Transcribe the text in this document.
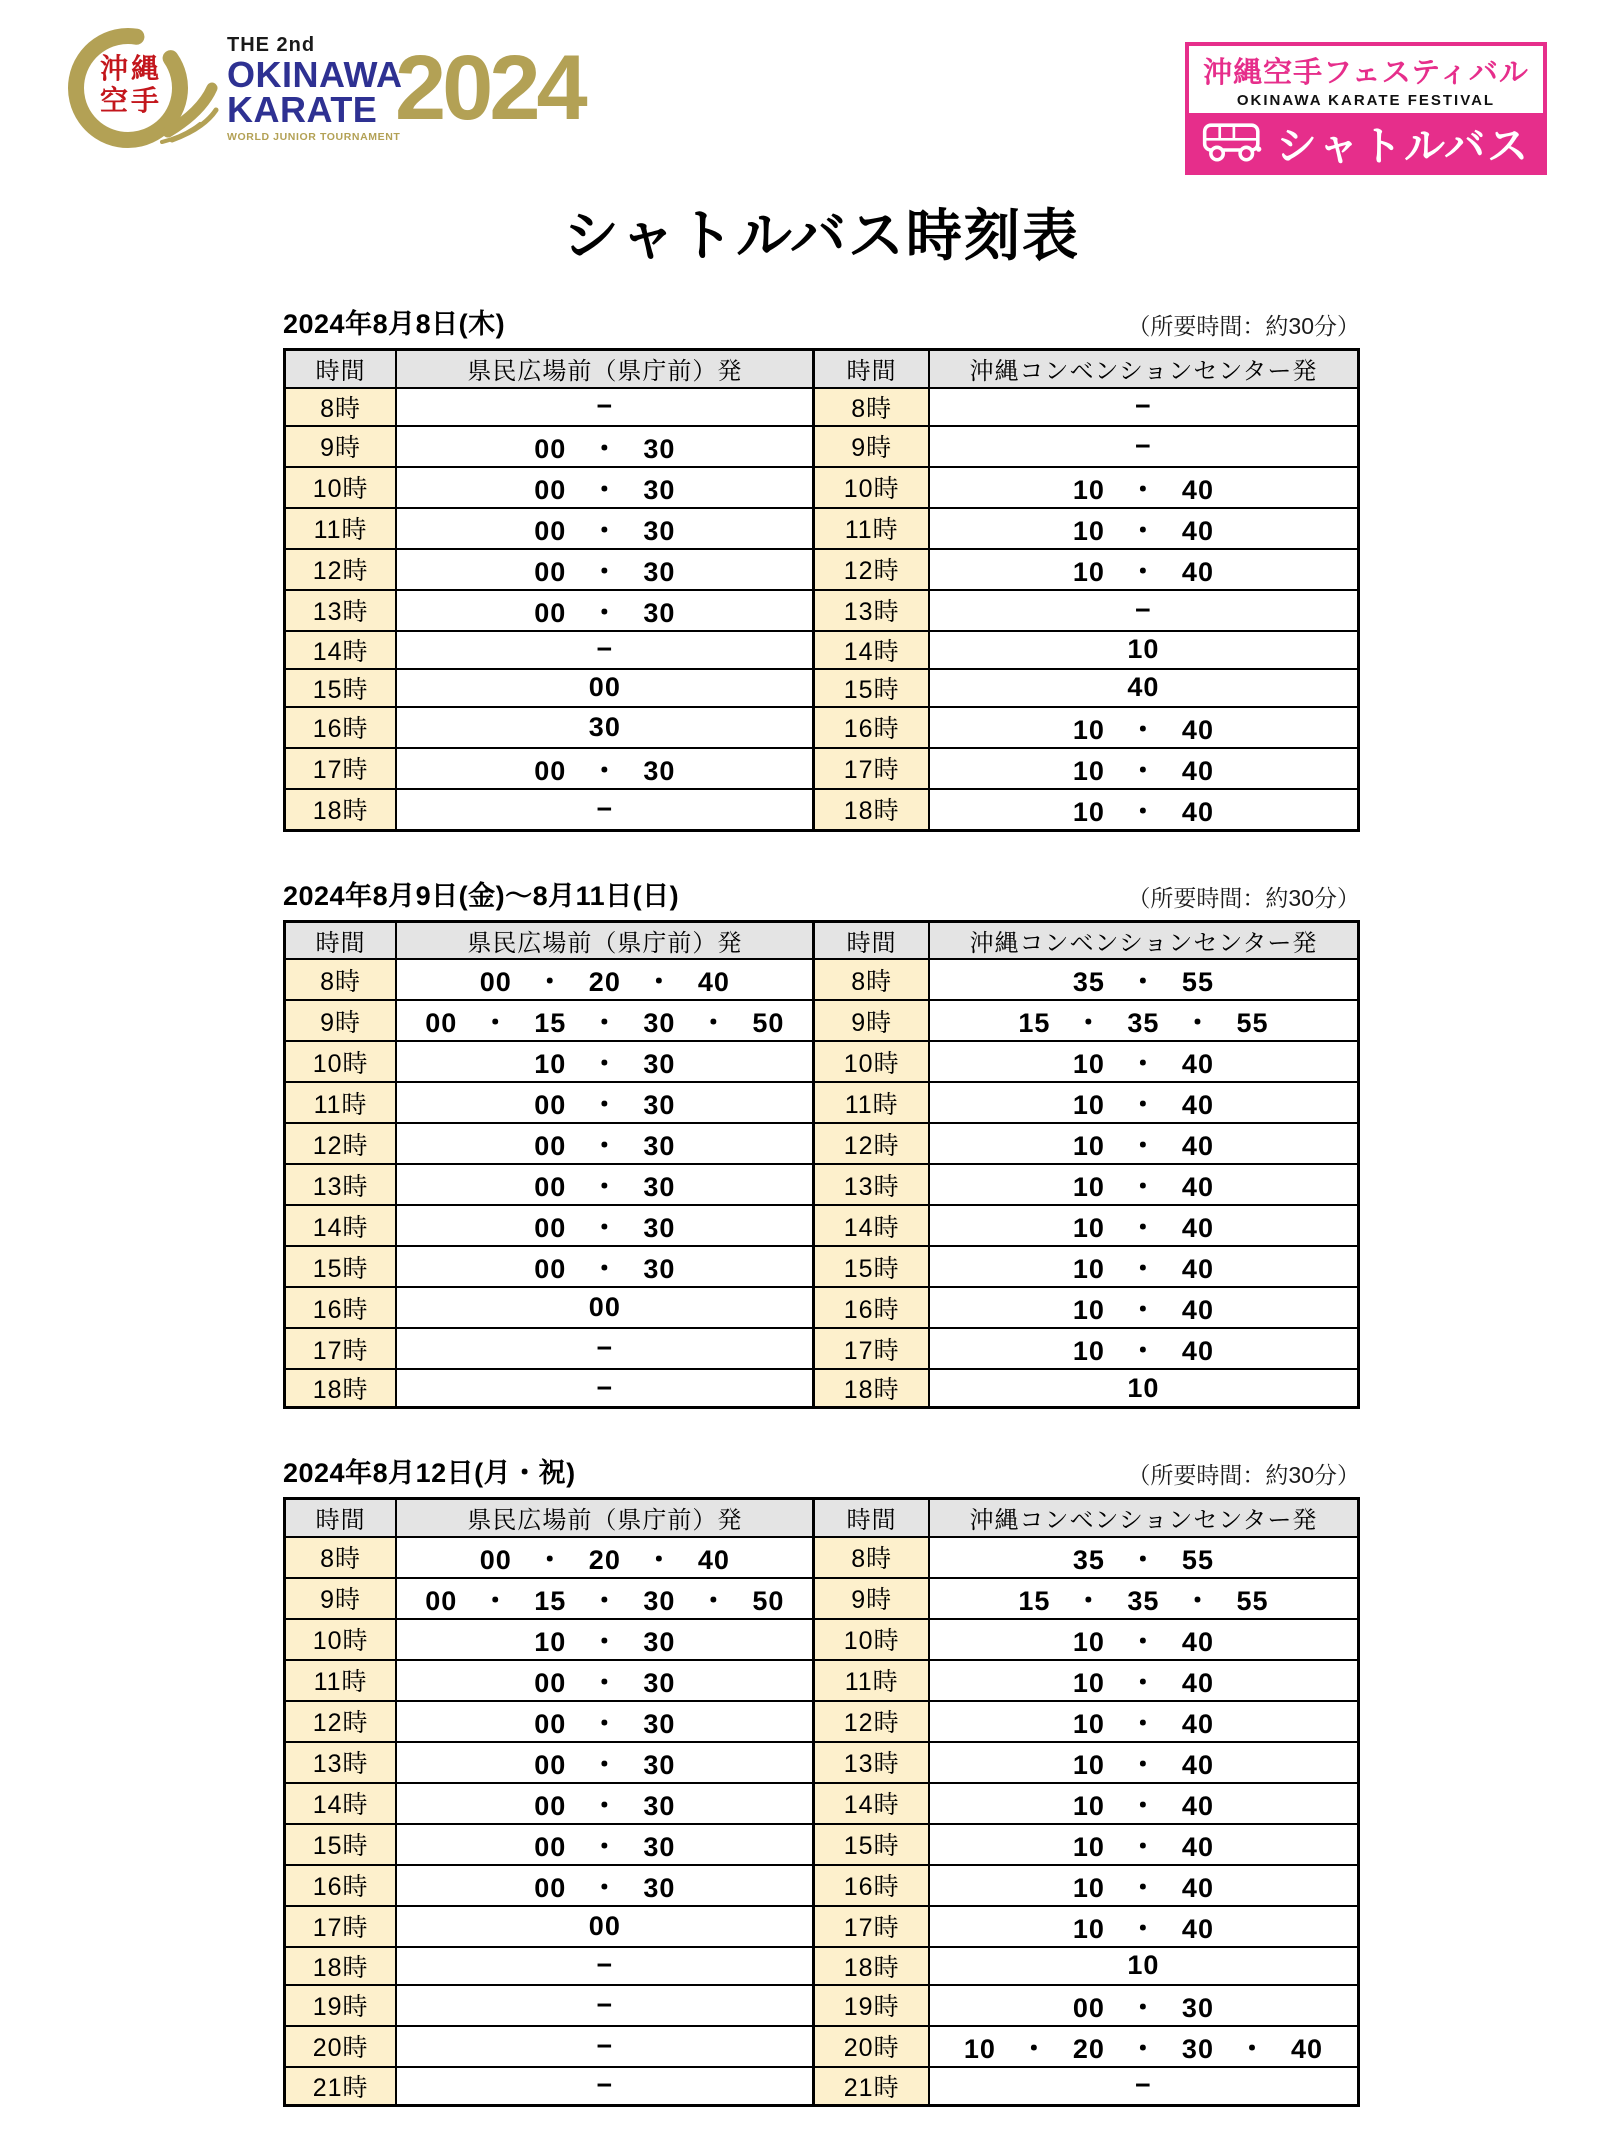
沖縄
空手
THE 2nd
OKINAWA
KARATE
WORLD JUNIOR TOURNAMENT
2024	沖縄空手フェスティバル
OKINAWA KARATE FESTIVAL
シャトルバス
シャトルバス時刻表
2024年8月8日(木)	（所要時間：約30分）
時間	県民広場前（県庁前）発	時間	沖縄コンベンションセンター発
8時	−	8時	−
9時	00 ・ 30	9時	−
10時	00 ・ 30	10時	10 ・ 40
11時	00 ・ 30	11時	10 ・ 40
12時	00 ・ 30	12時	10 ・ 40
13時	00 ・ 30	13時	−
14時	−	14時	10
15時	00	15時	40
16時	30	16時	10 ・ 40
17時	00 ・ 30	17時	10 ・ 40
18時	−	18時	10 ・ 40
2024年8月9日(金)～8月11日(日)	（所要時間：約30分）
時間	県民広場前（県庁前）発	時間	沖縄コンベンションセンター発
8時	00 ・ 20 ・ 40	8時	35 ・ 55
9時	00 ・ 15 ・ 30 ・ 50	9時	15 ・ 35 ・ 55
10時	10 ・ 30	10時	10 ・ 40
11時	00 ・ 30	11時	10 ・ 40
12時	00 ・ 30	12時	10 ・ 40
13時	00 ・ 30	13時	10 ・ 40
14時	00 ・ 30	14時	10 ・ 40
15時	00 ・ 30	15時	10 ・ 40
16時	00	16時	10 ・ 40
17時	−	17時	10 ・ 40
18時	−	18時	10
2024年8月12日(月・祝)	（所要時間：約30分）
時間	県民広場前（県庁前）発	時間	沖縄コンベンションセンター発
8時	00 ・ 20 ・ 40	8時	35 ・ 55
9時	00 ・ 15 ・ 30 ・ 50	9時	15 ・ 35 ・ 55
10時	10 ・ 30	10時	10 ・ 40
11時	00 ・ 30	11時	10 ・ 40
12時	00 ・ 30	12時	10 ・ 40
13時	00 ・ 30	13時	10 ・ 40
14時	00 ・ 30	14時	10 ・ 40
15時	00 ・ 30	15時	10 ・ 40
16時	00 ・ 30	16時	10 ・ 40
17時	00	17時	10 ・ 40
18時	−	18時	10
19時	−	19時	00 ・ 30
20時	−	20時	10 ・ 20 ・ 30 ・ 40
21時	−	21時	−
